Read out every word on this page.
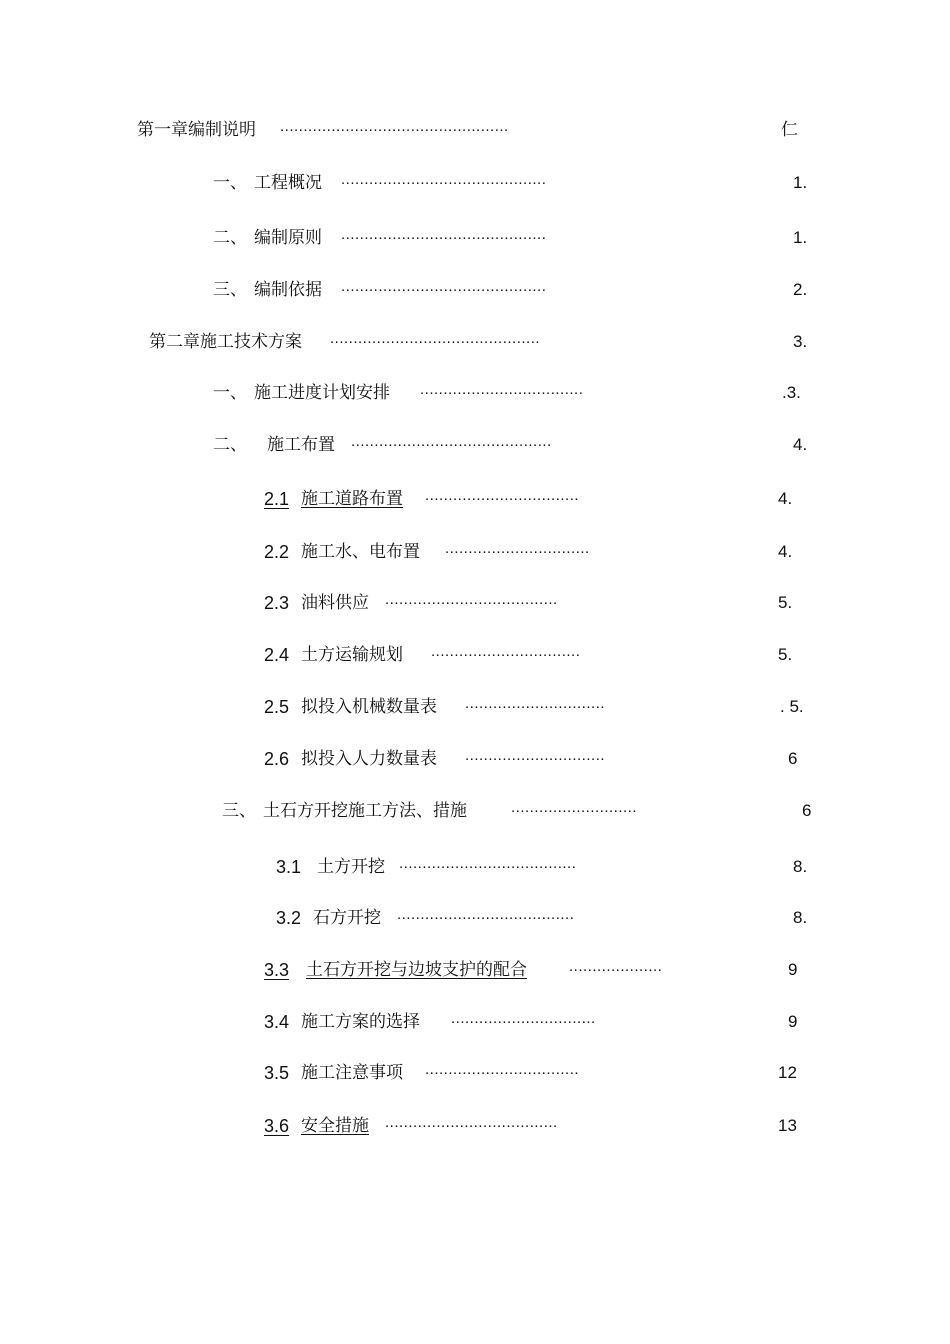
第一章编制说明 .................................................	仁
一、 工程概况 ............................................	1.
二、 编制原则 ............................................	1.
三、 编制依据 ............................................	2.
第二章施工技术方案 .............................................	3.
一、 施工进度计划安排 ...................................	.3.
二、 施工布置 ...........................................	4.
2.1 施工道路布置 .................................	4.
2.2 施工水、电布置 ...............................	4.
2.3 油料供应 .....................................	5.
2.4 土方运输规划 ................................	5.
2.5 拟投入机械数量表 ..............................	. 5.
2.6 拟投入人力数量表 ..............................	6
三、 土石方开挖施工方法、措施	...........................	6
3.1 土方开挖 ......................................	8.
3.2 石方开挖 ......................................	8.
3.3 土石方开挖与边坡支护的配合	....................	9
3.4 施工方案的选择 ...............................	9
3.5 施工注意事项 .................................	12
3.6 安全措施 .....................................	13
